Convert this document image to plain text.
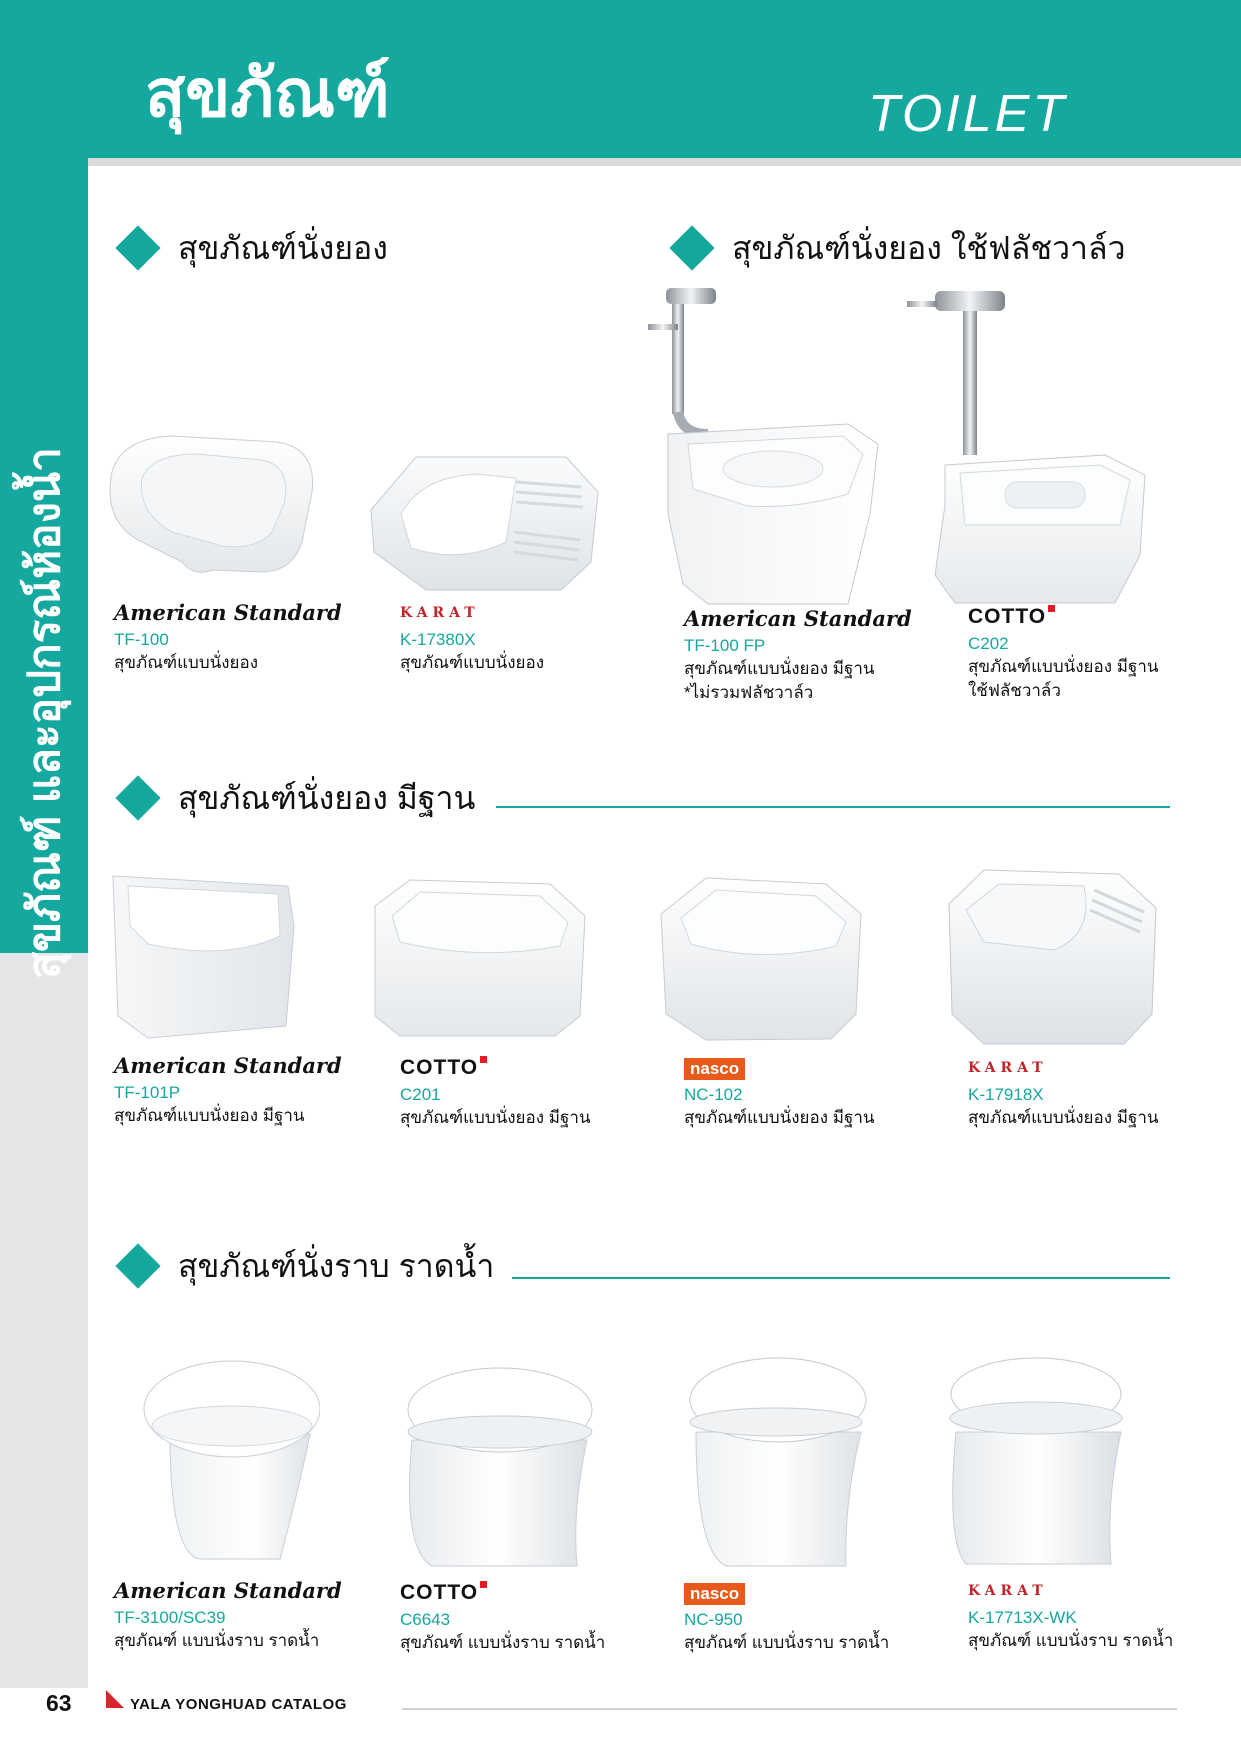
สุขภัณฑ์	TOILET
สุขภัณฑ์ และอุปกรณ์ห้องน้ำ
สุขภัณฑ์นั่งยอง	สุขภัณฑ์นั่งยอง ใช้ฟลัชวาล์ว
สุขภัณฑ์นั่งยอง มีฐาน
สุขภัณฑ์นั่งราบ ราดน้ำ
American Standard
TF-100
สุขภัณฑ์แบบนั่งยอง
KARAT
K-17380X
สุขภัณฑ์แบบนั่งยอง
American Standard
TF-100 FP
สุขภัณฑ์แบบนั่งยอง มีฐาน
*ไม่รวมฟลัชวาล์ว
COTTO
C202
สุขภัณฑ์แบบนั่งยอง มีฐาน
ใช้ฟลัชวาล์ว
American Standard
TF-101P
สุขภัณฑ์แบบนั่งยอง มีฐาน
COTTO
C201
สุขภัณฑ์แบบนั่งยอง มีฐาน
nasco
NC-102
สุขภัณฑ์แบบนั่งยอง มีฐาน
KARAT
K-17918X
สุขภัณฑ์แบบนั่งยอง มีฐาน
American Standard
TF-3100/SC39
สุขภัณฑ์ แบบนั่งราบ ราดน้ำ
COTTO
C6643
สุขภัณฑ์ แบบนั่งราบ ราดน้ำ
nasco
NC-950
สุขภัณฑ์ แบบนั่งราบ ราดน้ำ
KARAT
K-17713X-WK
สุขภัณฑ์ แบบนั่งราบ ราดน้ำ
63	YALA YONGHUAD CATALOG
